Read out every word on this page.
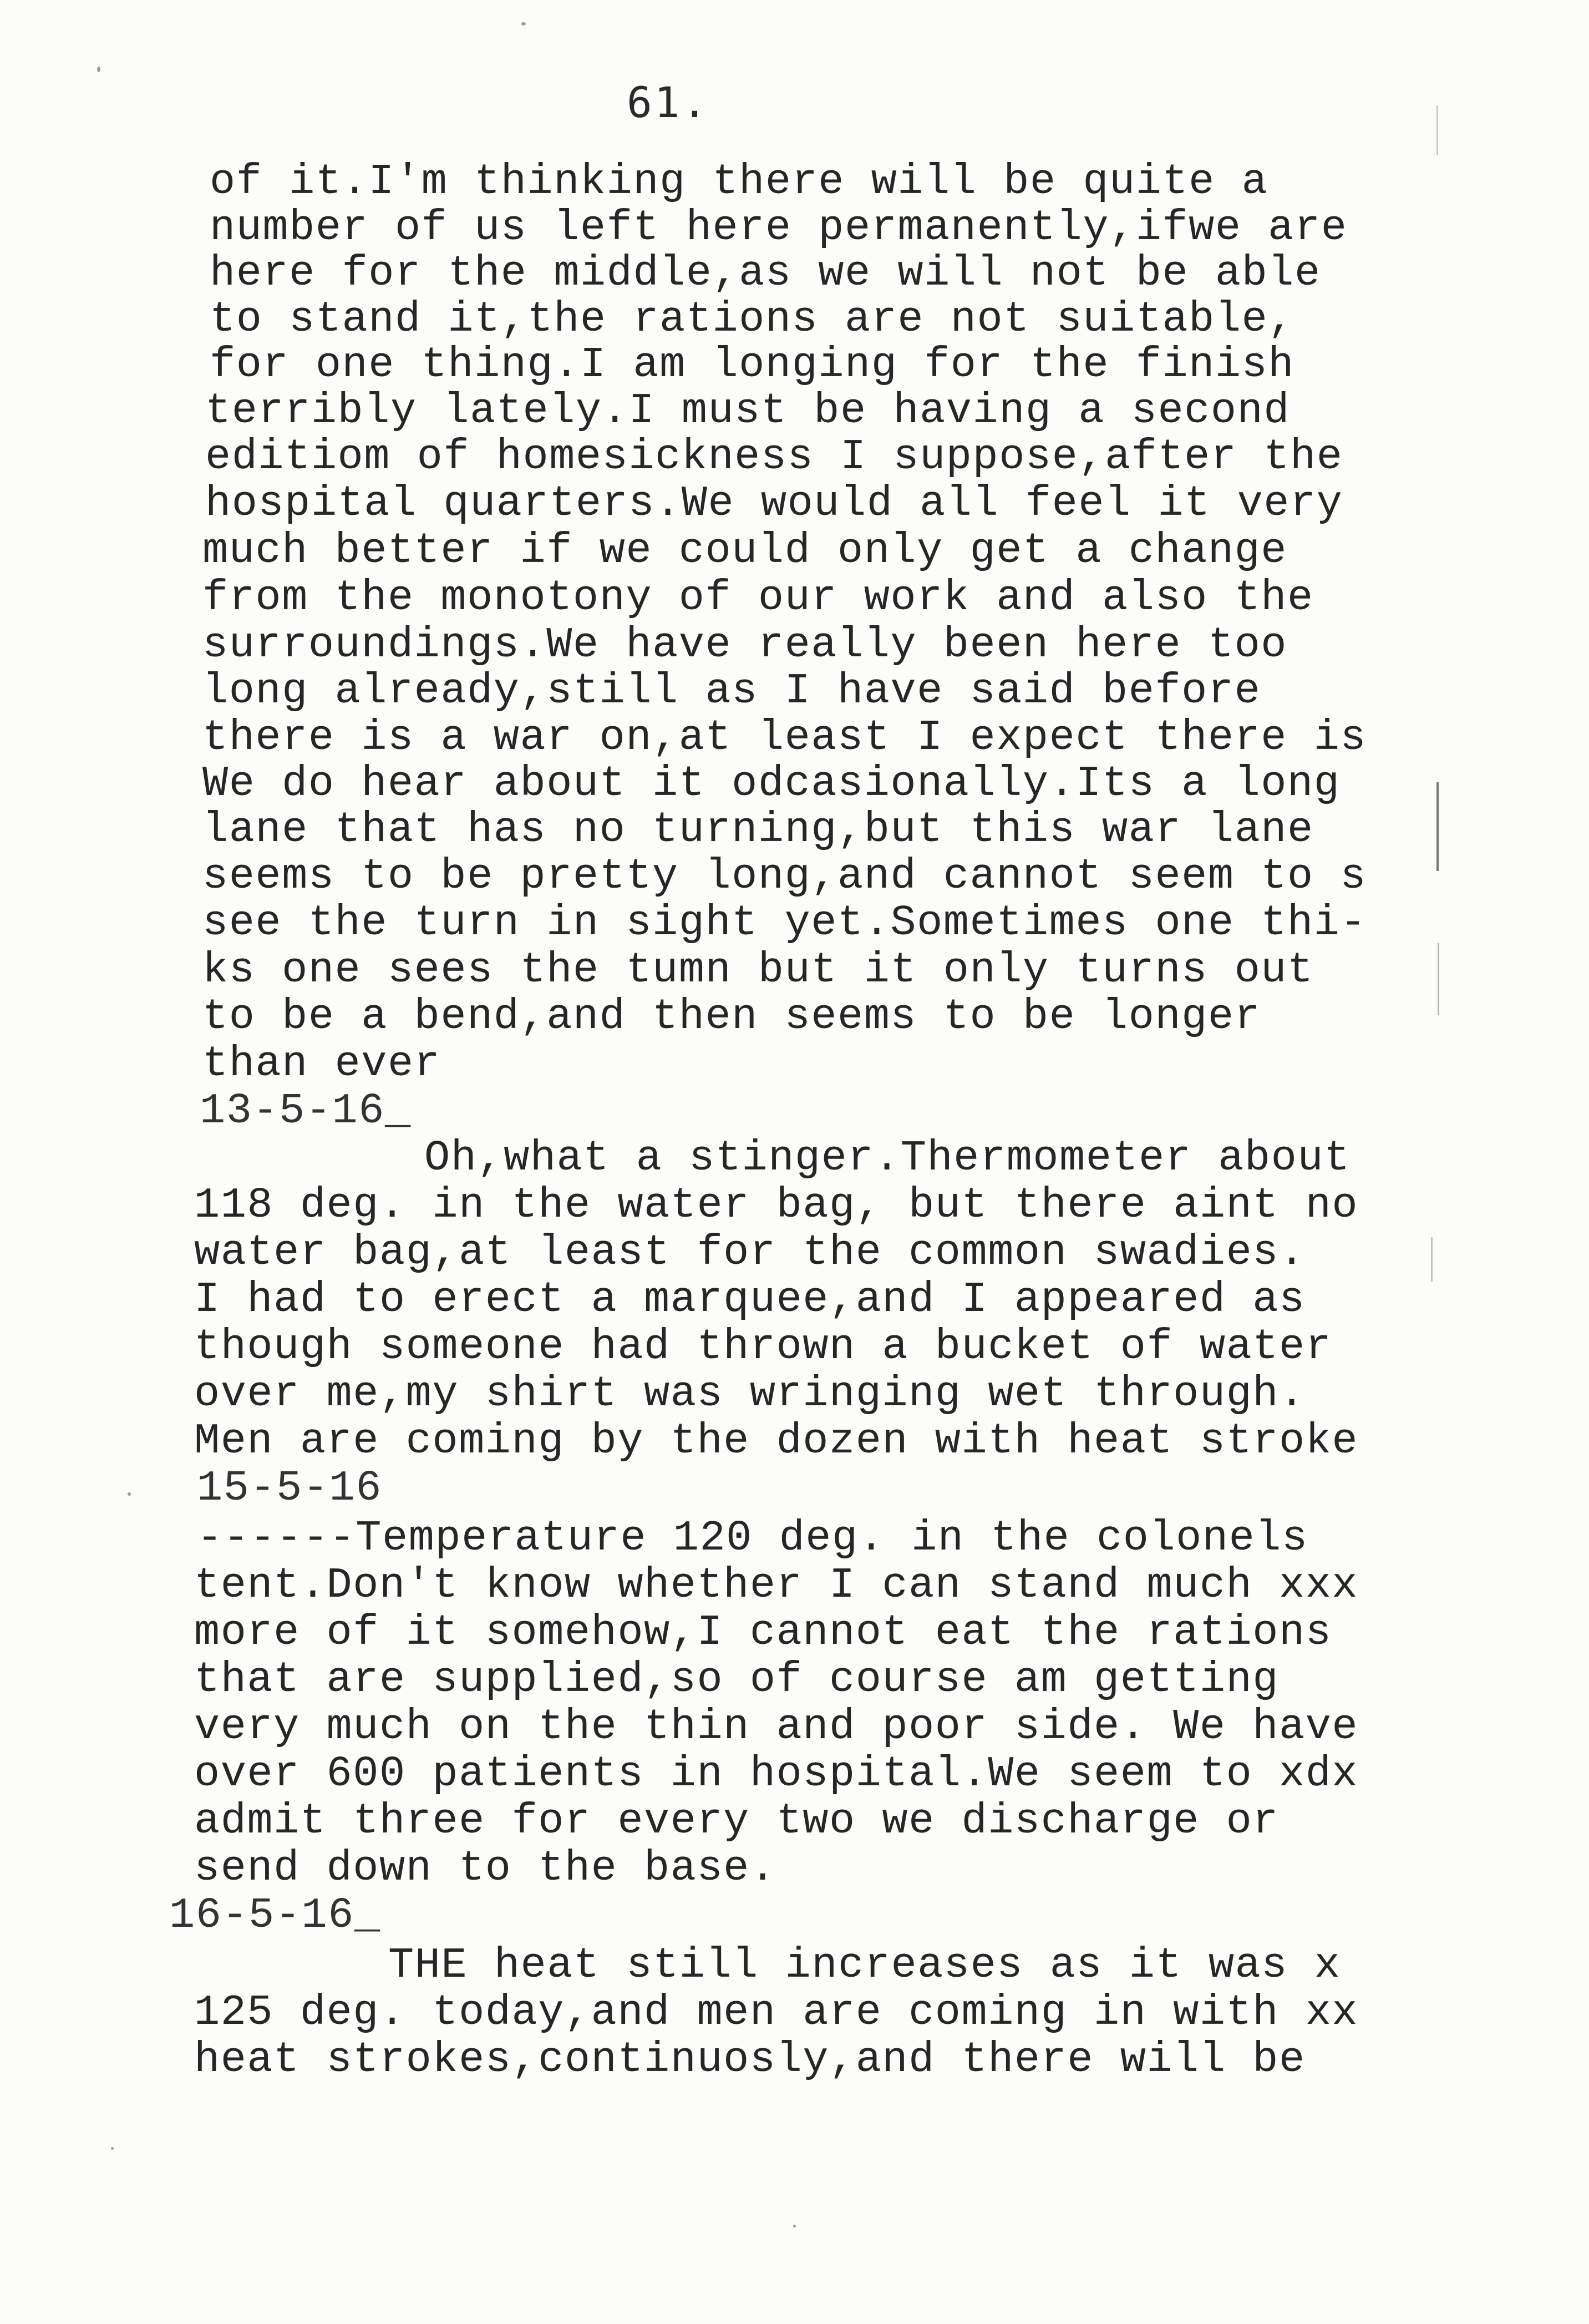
61.
of it.I'm thinking there will be quite a
number of us left here permanently,ifwe are
here for the middle,as we will not be able
to stand it,the rations are not suitable,
for one thing.I am longing for the finish
terribly lately.I must be having a second
editiom of homesickness I suppose,after the
hospital quarters.We would all feel it very
much better if we could only get a change
from the monotony of our work and also the
surroundings.We have really been here too
long already,still as I have said before
there is a war on,at least I expect there is
We do hear about it odcasionally.Its a long
lane that has no turning,but this war lane
seems to be pretty long,and cannot seem to s
see the turn in sight yet.Sometimes one thi-
ks one sees the tumn but it only turns out
to be a bend,and then seems to be longer
than ever
13-5-16_
Oh,what a stinger.Thermometer about
118 deg. in the water bag, but there aint no
water bag,at least for the common swadies.
I had to erect a marquee,and I appeared as
though someone had thrown a bucket of water
over me,my shirt was wringing wet through.
Men are coming by the dozen with heat stroke
15-5-16
------Temperature 120 deg. in the colonels
tent.Don't know whether I can stand much xxx
more of it somehow,I cannot eat the rations
that are supplied,so of course am getting
very much on the thin and poor side. We have
over 600 patients in hospital.We seem to xdx
admit three for every two we discharge or
send down to the base.
16-5-16_
THE heat still increases as it was x
125 deg. today,and men are coming in with xx
heat strokes,continuosly,and there will be
